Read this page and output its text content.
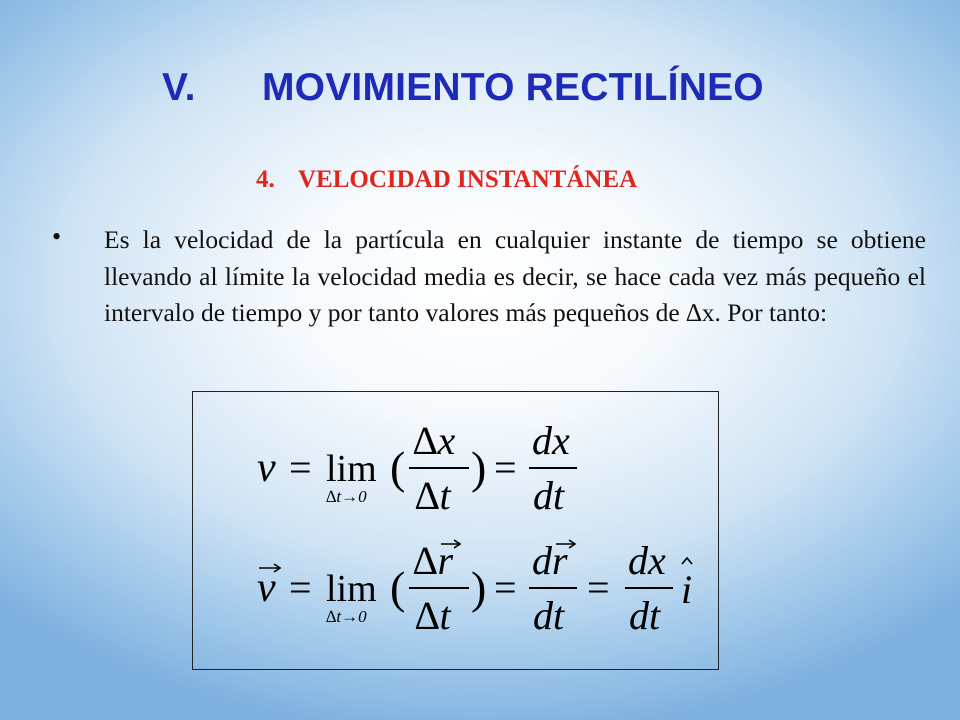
V. MOVIMIENTO RECTILÍNEO
4. VELOCIDAD INSTANTÁNEA
• Es la velocidad de la partícula en cualquier instante de tiempo se obtiene llevando al límite la velocidad media es decir, se hace cada vez más pequeño el intervalo de tiempo y por tanto valores más pequeños de ∆x. Por tanto:
v = lim
∆t→0
(
∆x
∆t
) =
dx
dt
v = lim
∆t→0
(
∆r
∆t
) =
dr
dt
=
dx
dt
i
